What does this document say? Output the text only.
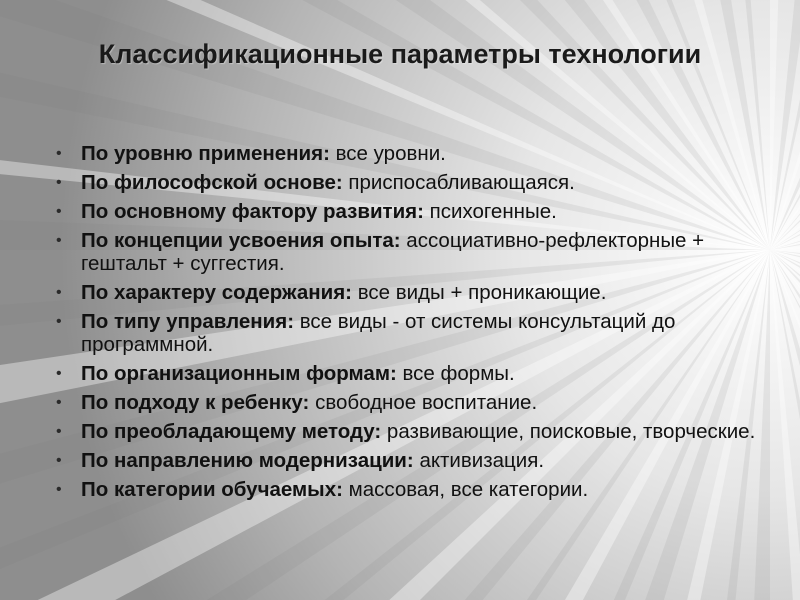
Классификационные параметры технологии
• По уровню применения: все уровни.
• По философской основе: приспосабливающаяся.
• По основному фактору развития: психогенные.
• По концепции усвоения опыта: ассоциативно-рефлекторные + гештальт + суггестия.
• По характеру содержания: все виды + проникающие.
• По типу управления: все виды - от системы консультаций до программной.
• По организационным формам: все формы.
• По подходу к ребенку: свободное воспитание.
• По преобладающему методу: развивающие, поисковые, творческие.
• По направлению модернизации: активизация.
• По категории обучаемых: массовая, все категории.
